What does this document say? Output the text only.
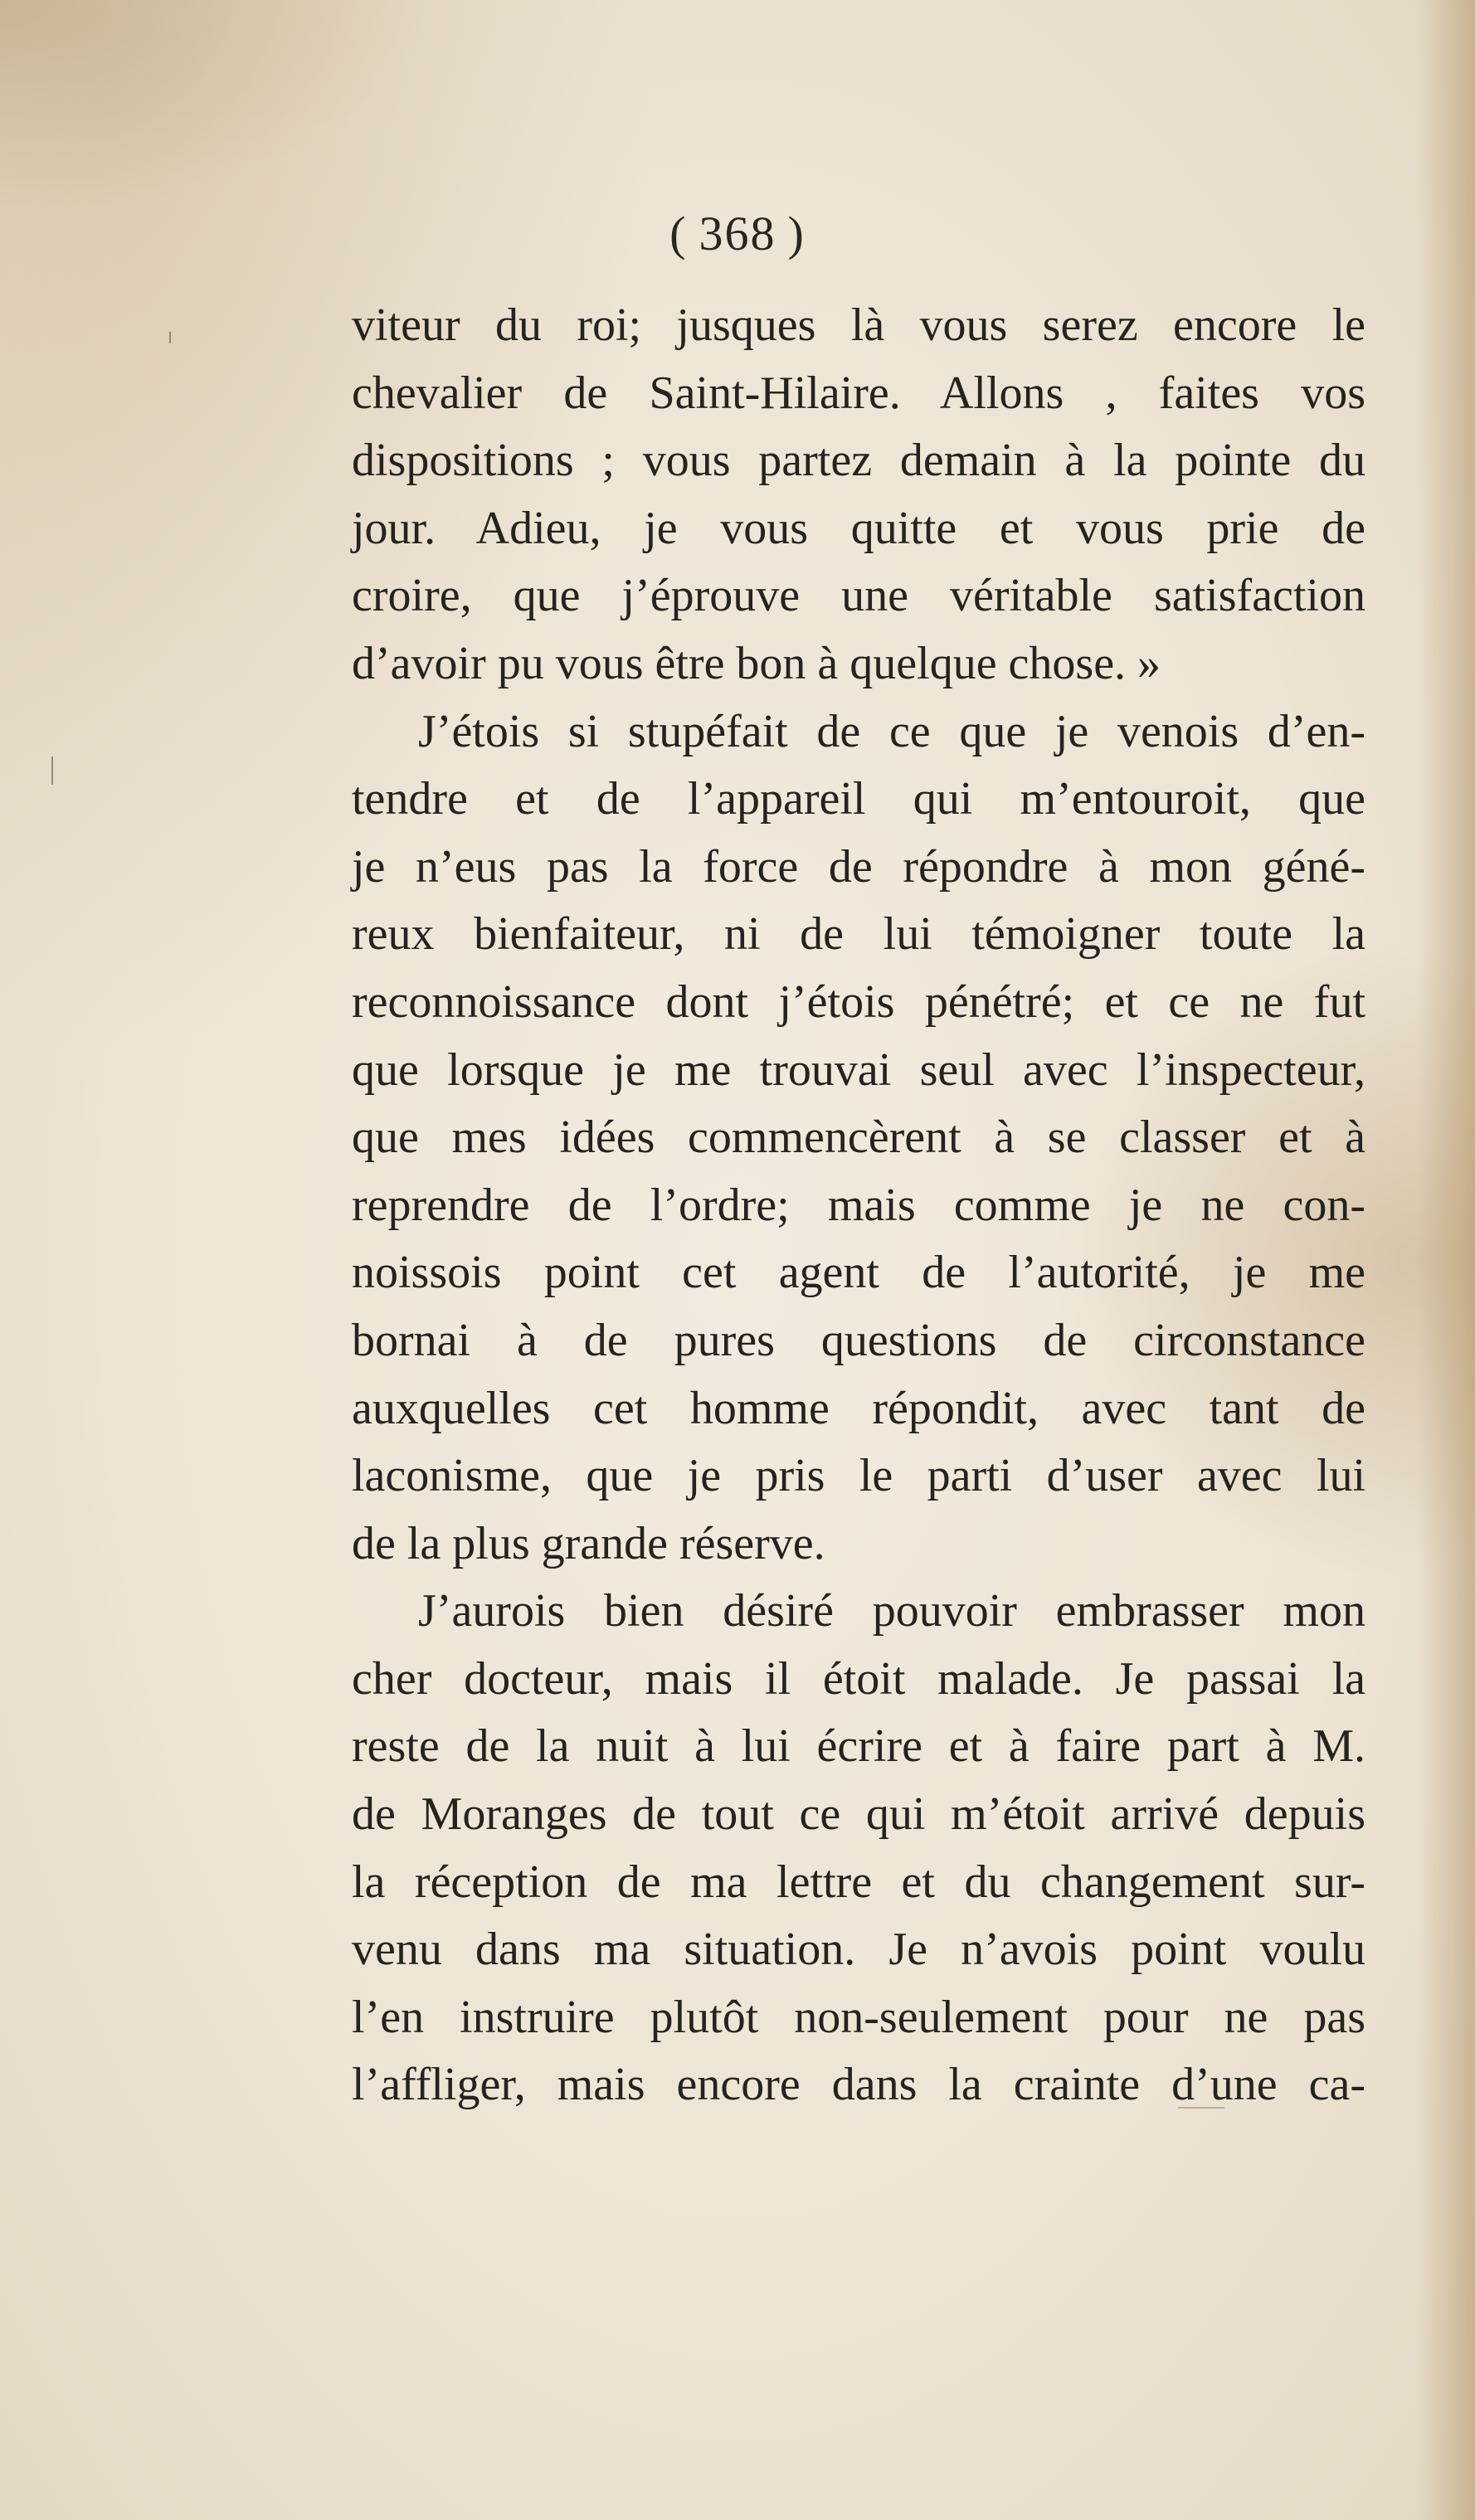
( 368 )
viteur du roi; jusques là vous serez encore le
chevalier de Saint-Hilaire. Allons , faites vos
dispositions ; vous partez demain à la pointe du
jour. Adieu, je vous quitte et vous prie de
croire, que j’éprouve une véritable satisfaction
d’avoir pu vous être bon à quelque chose. »
J’étois si stupéfait de ce que je venois d’en-
tendre et de l’appareil qui m’entouroit, que
je n’eus pas la force de répondre à mon géné-
reux bienfaiteur, ni de lui témoigner toute la
reconnoissance dont j’étois pénétré; et ce ne fut
que lorsque je me trouvai seul avec l’inspecteur,
que mes idées commencèrent à se classer et à
reprendre de l’ordre; mais comme je ne con-
noissois point cet agent de l’autorité, je me
bornai à de pures questions de circonstance
auxquelles cet homme répondit, avec tant de
laconisme, que je pris le parti d’user avec lui
de la plus grande réserve.
J’aurois bien désiré pouvoir embrasser mon
cher docteur, mais il étoit malade. Je passai la
reste de la nuit à lui écrire et à faire part à M.
de Moranges de tout ce qui m’étoit arrivé depuis
la réception de ma lettre et du changement sur-
venu dans ma situation. Je n’avois point voulu
l’en instruire plutôt non-seulement pour ne pas
l’affliger, mais encore dans la crainte d’une ca-
